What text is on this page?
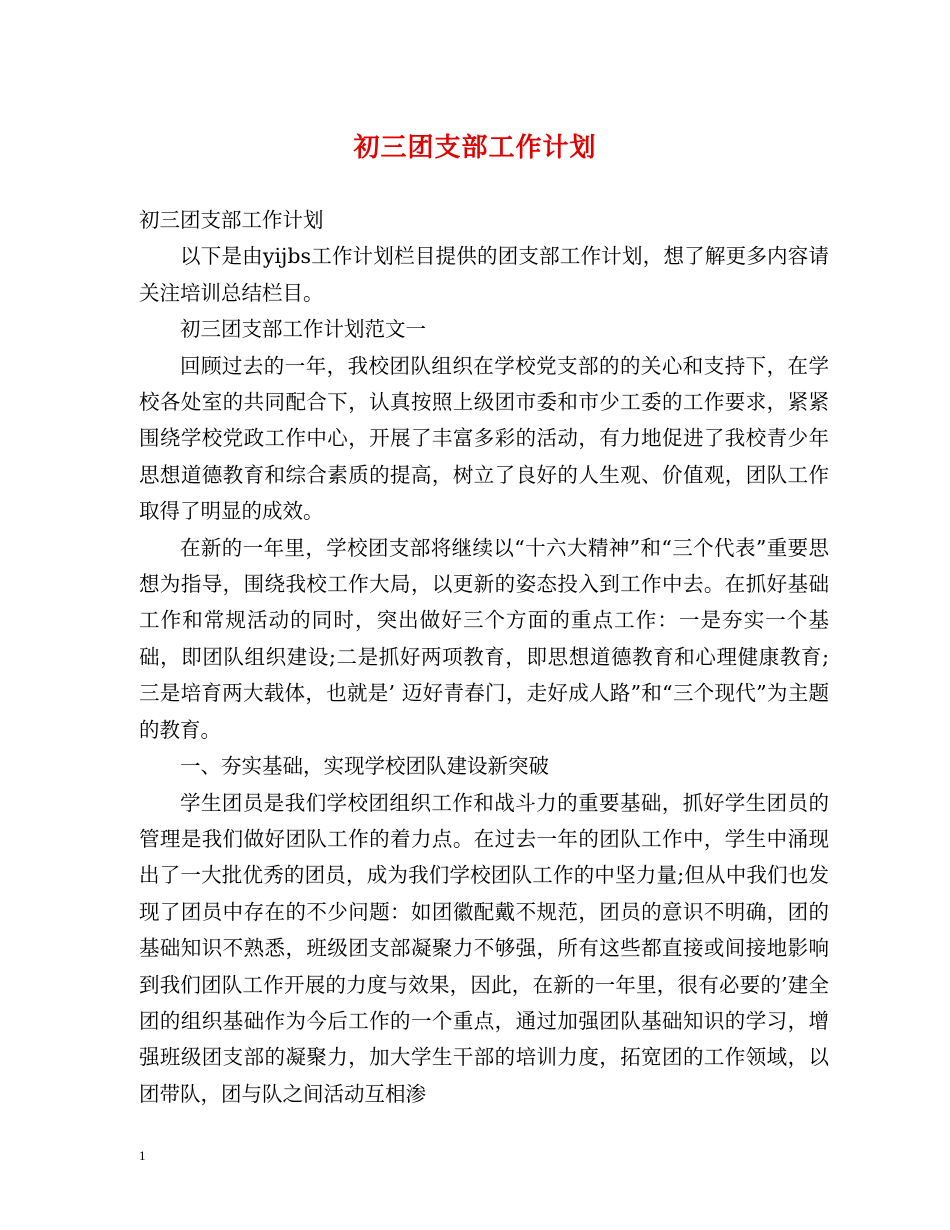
初三团支部工作计划

初三团支部工作计划

以下是由yijbs工作计划栏目提供的团支部工作计划，想了解更多内容请关注培训总结栏目。

初三团支部工作计划范文一

回顾过去的一年，我校团队组织在学校党支部的的关心和支持下，在学校各处室的共同配合下，认真按照上级团市委和市少工委的工作要求，紧紧围绕学校党政工作中心，开展了丰富多彩的活动，有力地促进了我校青少年思想道德教育和综合素质的提高，树立了良好的人生观、价值观，团队工作取得了明显的成效。

在新的一年里，学校团支部将继续以“十六大精神”和“三个代表”重要思想为指导，围绕我校工作大局，以更新的姿态投入到工作中去。在抓好基础工作和常规活动的同时，突出做好三个方面的重点工作：一是夯实一个基础，即团队组织建设;二是抓好两项教育，即思想道德教育和心理健康教育;三是培育两大载体，也就是’ 迈好青春门，走好成人路”和“三个现代”为主题的教育。

一、夯实基础，实现学校团队建设新突破

学生团员是我们学校团组织工作和战斗力的重要基础，抓好学生团员的管理是我们做好团队工作的着力点。在过去一年的团队工作中，学生中涌现出了一大批优秀的团员，成为我们学校团队工作的中坚力量;但从中我们也发现了团员中存在的不少问题：如团徽配戴不规范，团员的意识不明确，团的基础知识不熟悉，班级团支部凝聚力不够强，所有这些都直接或间接地影响到我们团队工作开展的力度与效果，因此，在新的一年里，很有必要的’建全团的组织基础作为今后工作的一个重点，通过加强团队基础知识的学习，增强班级团支部的凝聚力，加大学生干部的培训力度，拓宽团的工作领域，以团带队，团与队之间活动互相渗

1
